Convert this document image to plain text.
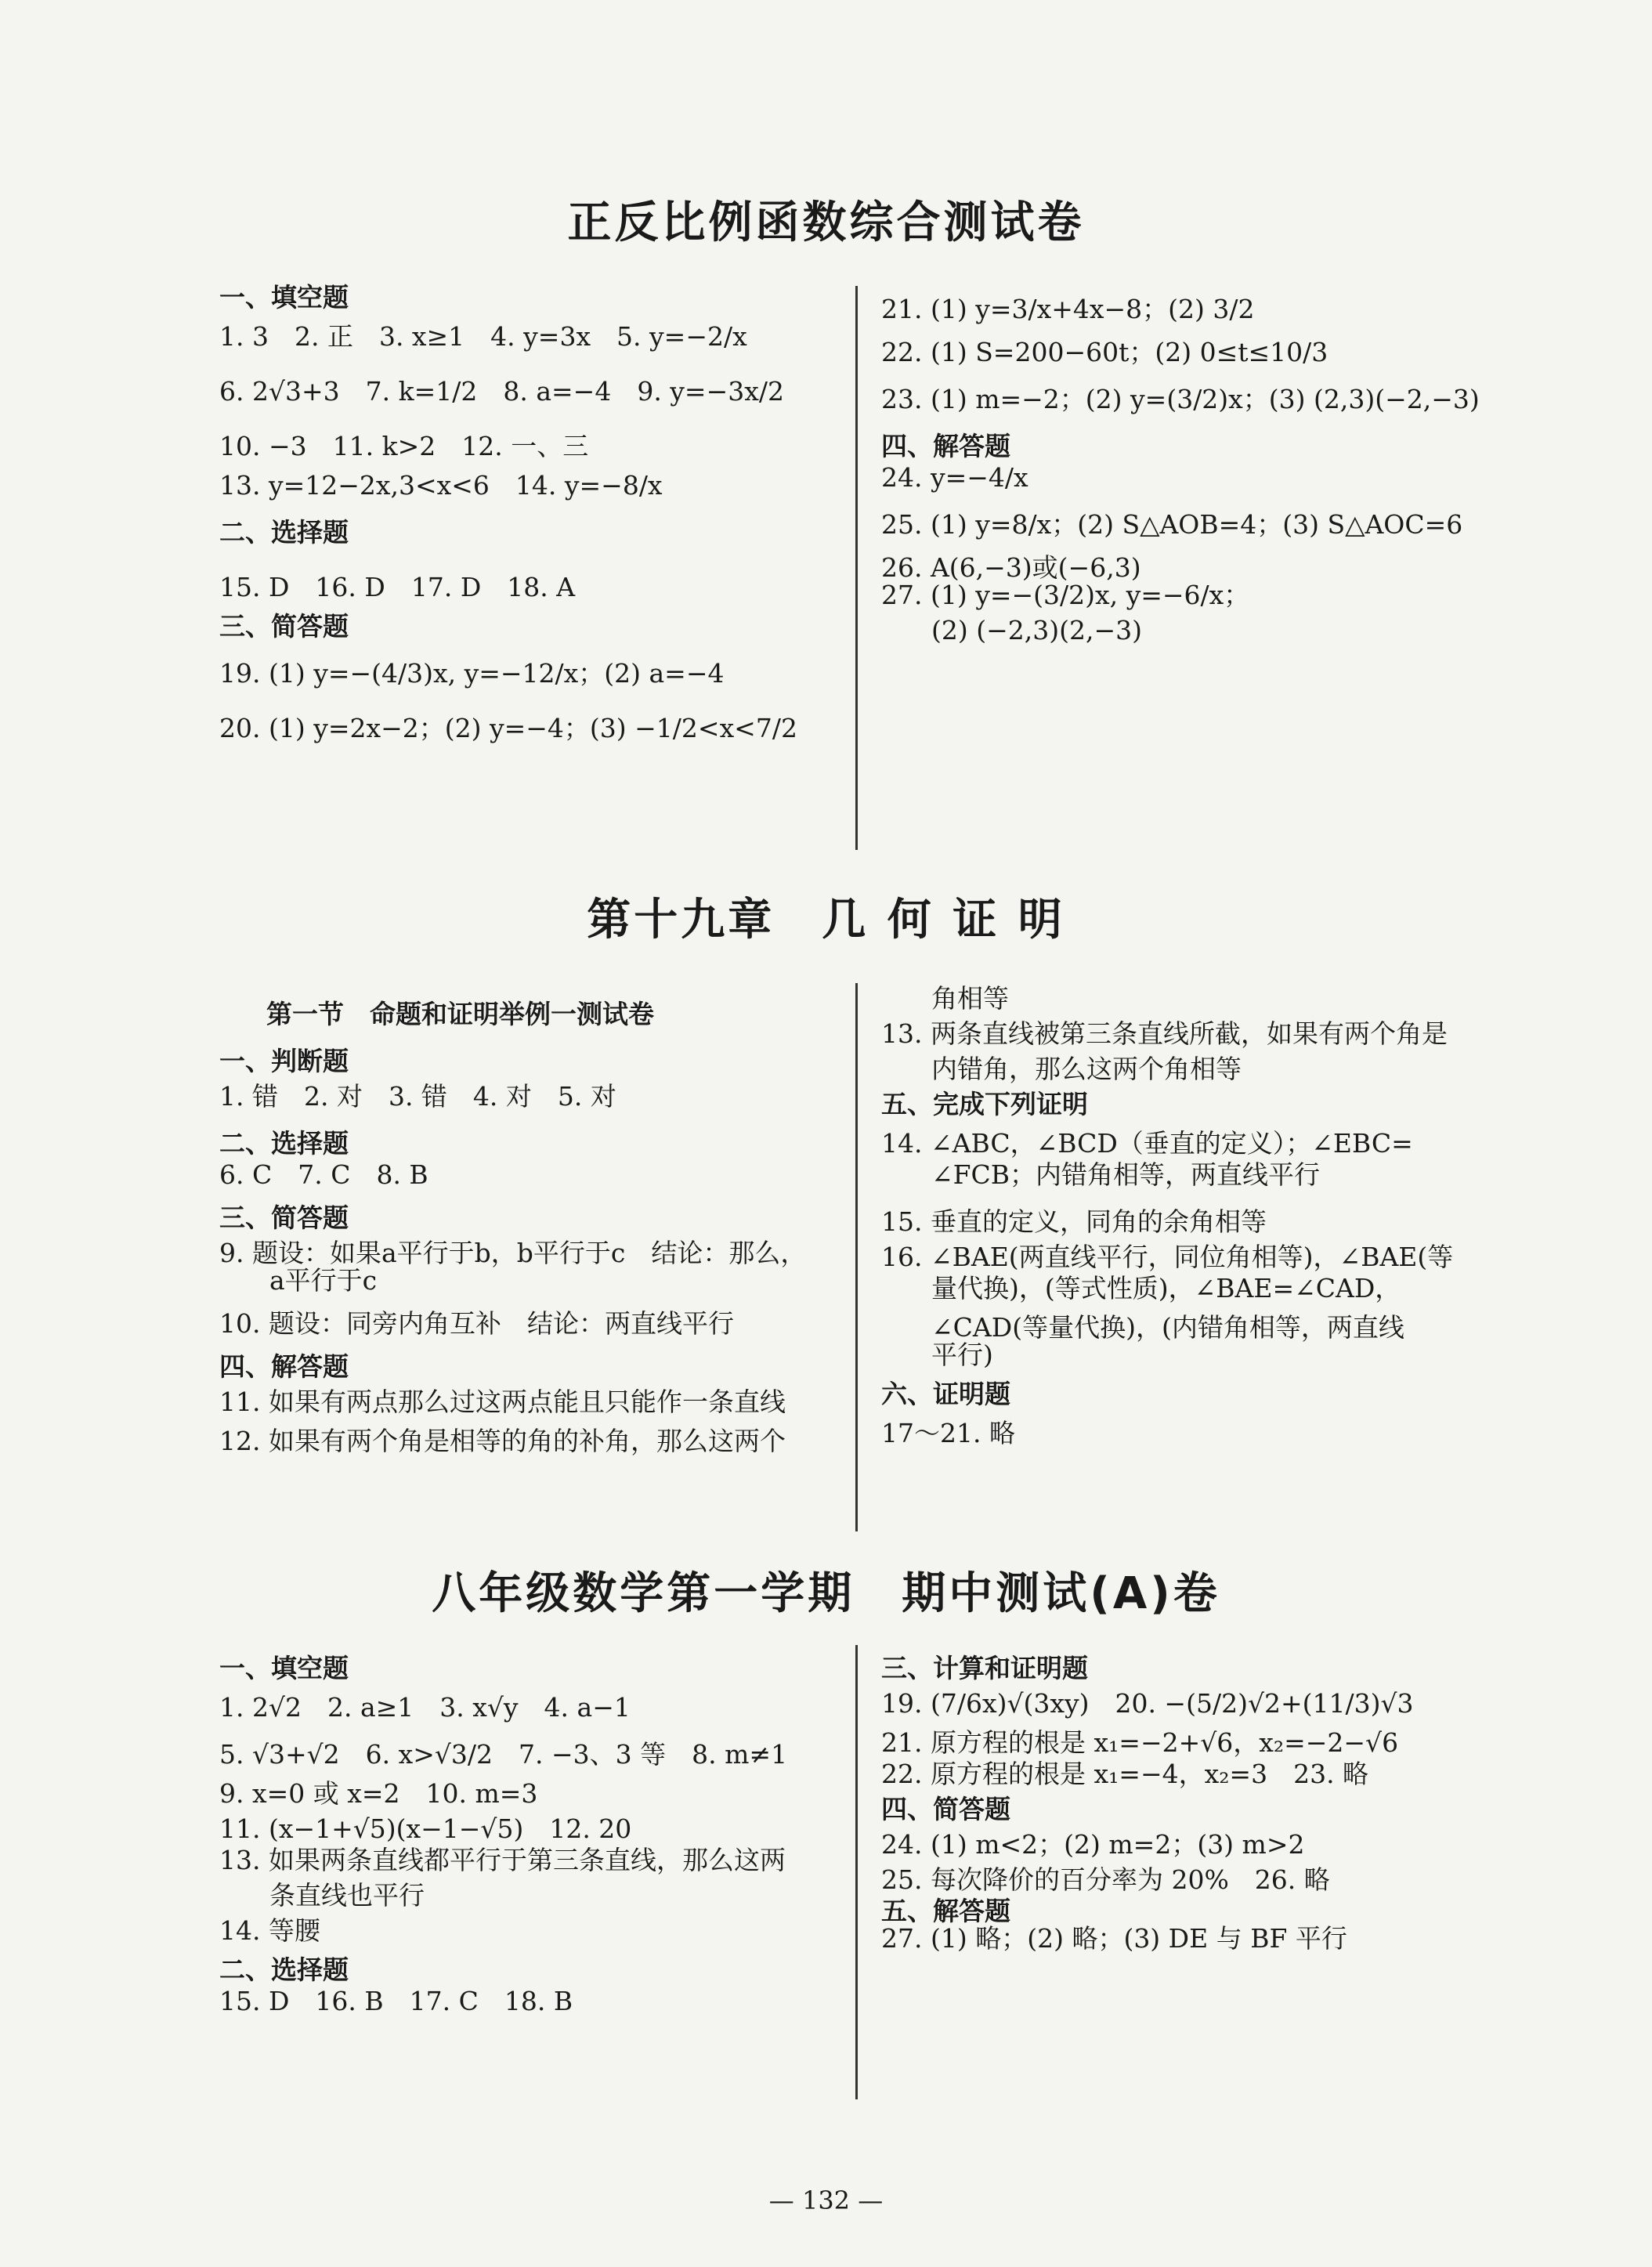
正反比例函数综合测试卷
第十九章　几 何 证 明
八年级数学第一学期　期中测试(A)卷
一、填空题
1. 3　2. 正　3. x≥1　4. y=3x　5. y=−2/x
6. 2√3+3　7. k=1/2　8. a=−4　9. y=−3x/2
10. −3　11. k>2　12. 一、三
13. y=12−2x,3<x<6　14. y=−8/x
二、选择题
15. D　16. D　17. D　18. A
三、简答题
19. (1) y=−(4/3)x, y=−12/x；(2) a=−4
20. (1) y=2x−2；(2) y=−4；(3) −1/2<x<7/2
21. (1) y=3/x+4x−8；(2) 3/2
22. (1) S=200−60t；(2) 0≤t≤10/3
23. (1) m=−2；(2) y=(3/2)x；(3) (2,3)(−2,−3)
四、解答题
24. y=−4/x
25. (1) y=8/x；(2) S△AOB=4；(3) S△AOC=6
26. A(6,−3)或(−6,3)
27. (1) y=−(3/2)x, y=−6/x；
(2) (−2,3)(2,−3)
第一节　命题和证明举例一测试卷
一、判断题
1. 错　2. 对　3. 错　4. 对　5. 对
二、选择题
6. C　7. C　8. B
三、简答题
9. 题设：如果a平行于b，b平行于c　结论：那么，
a平行于c
10. 题设：同旁内角互补　结论：两直线平行
四、解答题
11. 如果有两点那么过这两点能且只能作一条直线
12. 如果有两个角是相等的角的补角，那么这两个
角相等
13. 两条直线被第三条直线所截，如果有两个角是
内错角，那么这两个角相等
五、完成下列证明
14. ∠ABC，∠BCD（垂直的定义）；∠EBC=
∠FCB；内错角相等，两直线平行
15. 垂直的定义，同角的余角相等
16. ∠BAE(两直线平行，同位角相等)，∠BAE(等
量代换)，(等式性质)，∠BAE=∠CAD，
∠CAD(等量代换)，(内错角相等，两直线
平行)
六、证明题
17～21. 略
一、填空题
1. 2√2　2. a≥1　3. x√y　4. a−1
5. √3+√2　6. x>√3/2　7. −3、3 等　8. m≠1
9. x=0 或 x=2　10. m=3
11. (x−1+√5)(x−1−√5)　12. 20
13. 如果两条直线都平行于第三条直线，那么这两
条直线也平行
14. 等腰
二、选择题
15. D　16. B　17. C　18. B
三、计算和证明题
19. (7/6x)√(3xy)　20. −(5/2)√2+(11/3)√3
21. 原方程的根是 x₁=−2+√6，x₂=−2−√6
22. 原方程的根是 x₁=−4，x₂=3　23. 略
四、简答题
24. (1) m<2；(2) m=2；(3) m>2
25. 每次降价的百分率为 20%　26. 略
五、解答题
27. (1) 略；(2) 略；(3) DE 与 BF 平行
— 132 —
